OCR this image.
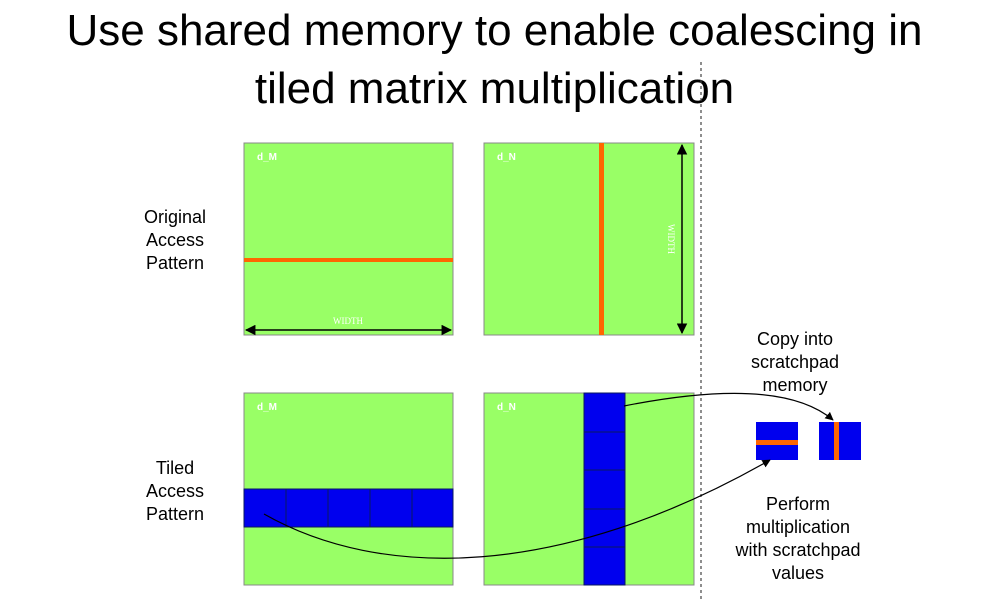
Use shared memory to enable coalescing in
tiled matrix multiplication
Original
Access
Pattern
Tiled
Access
Pattern
Copy into
scratchpad
memory
Perform
multiplication
with scratchpad
values
d_M
WIDTH
d_N
WIDTH
d_M	d_N
